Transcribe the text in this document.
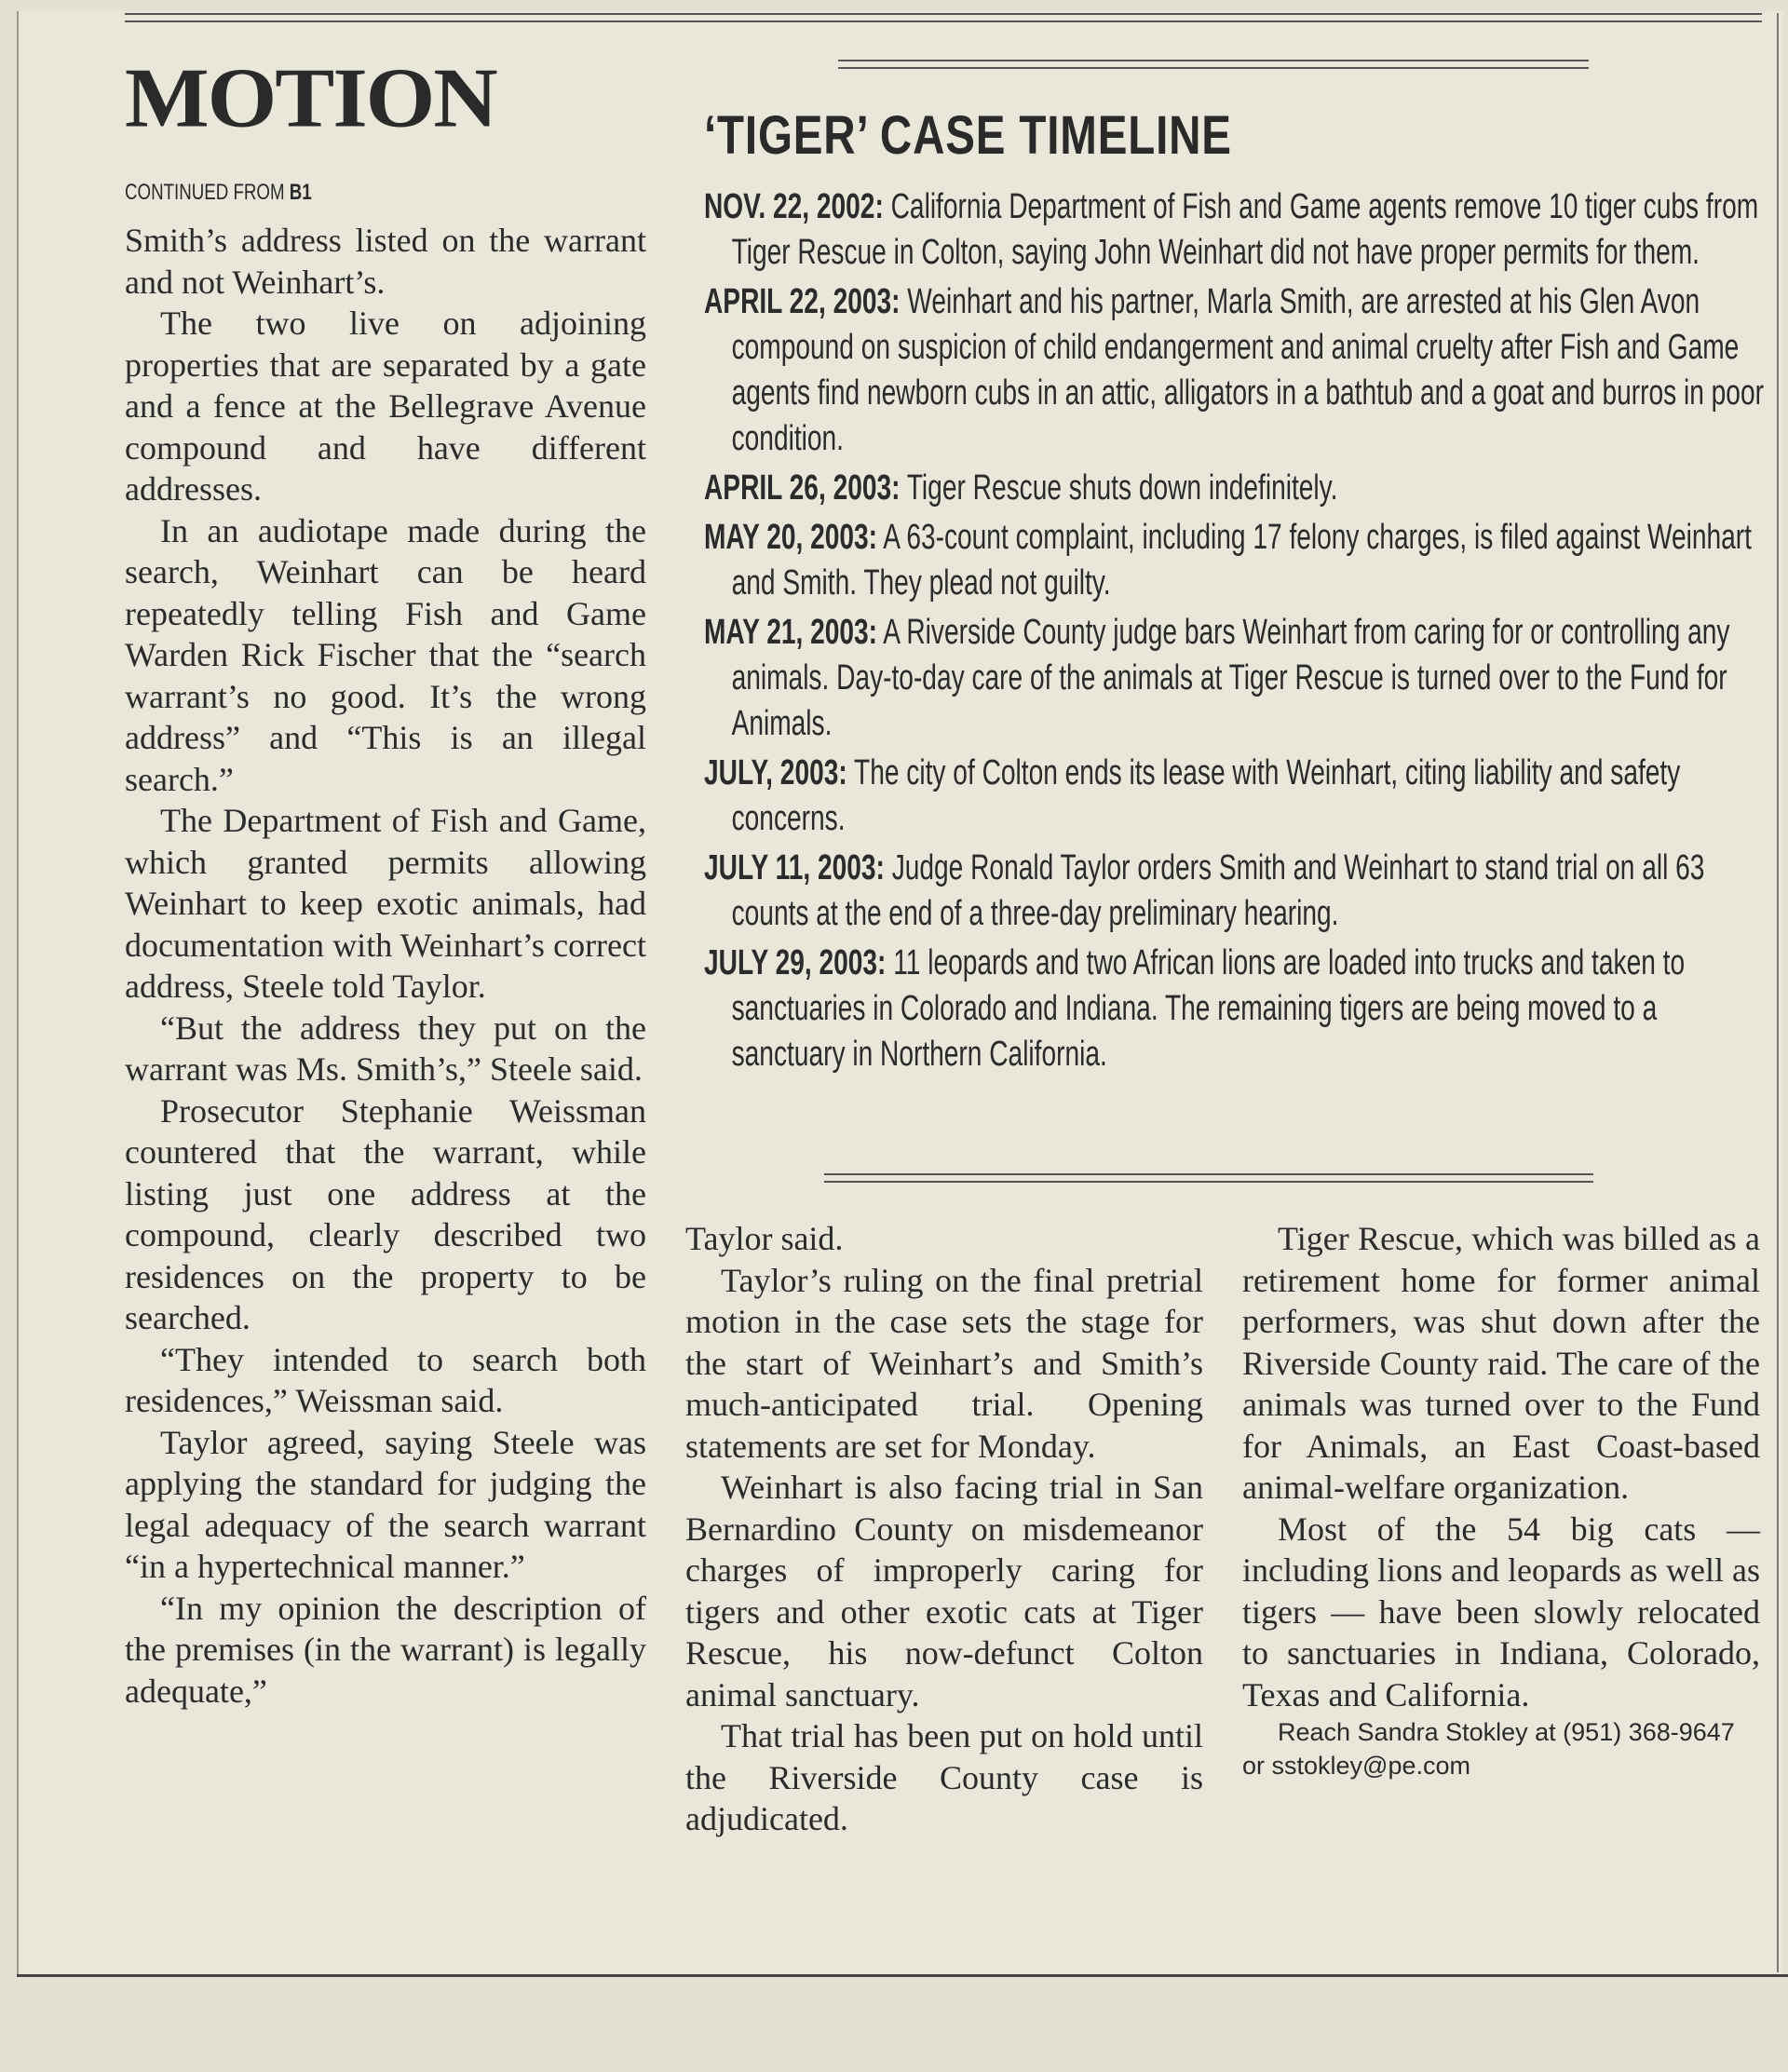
MOTION
CONTINUED FROM B1

Smith’s address listed on the warrant and not Weinhart’s.

The two live on adjoining properties that are separated by a gate and a fence at the Bellegrave Avenue compound and have different addresses.

In an audiotape made during the search, Weinhart can be heard repeatedly telling Fish and Game Warden Rick Fischer that the “search warrant’s no good. It’s the wrong address” and “This is an illegal search.”

The Department of Fish and Game, which granted permits allowing Weinhart to keep exotic animals, had documentation with Weinhart’s correct address, Steele told Taylor.

“But the address they put on the warrant was Ms. Smith’s,” Steele said.

Prosecutor Stephanie Weissman countered that the warrant, while listing just one address at the compound, clearly described two residences on the property to be searched.

“They intended to search both residences,” Weissman said.

Taylor agreed, saying Steele was applying the standard for judging the legal adequacy of the search warrant “in a hypertechnical manner.”

“In my opinion the description of the premises (in the warrant) is legally adequate,”

‘TIGER’ CASE TIMELINE

NOV. 22, 2002: California Department of Fish and Game agents remove 10 tiger cubs from Tiger Rescue in Colton, saying John Weinhart did not have proper permits for them.

APRIL 22, 2003: Weinhart and his partner, Marla Smith, are arrested at his Glen Avon compound on suspicion of child endangerment and animal cruelty after Fish and Game agents find newborn cubs in an attic, alligators in a bathtub and a goat and burros in poor condition.

APRIL 26, 2003: Tiger Rescue shuts down indefinitely.

MAY 20, 2003: A 63-count complaint, including 17 felony charges, is filed against Weinhart and Smith. They plead not guilty.

MAY 21, 2003: A Riverside County judge bars Weinhart from caring for or controlling any animals. Day-to-day care of the animals at Tiger Rescue is turned over to the Fund for Animals.

JULY, 2003: The city of Colton ends its lease with Weinhart, citing liability and safety concerns.

JULY 11, 2003: Judge Ronald Taylor orders Smith and Weinhart to stand trial on all 63 counts at the end of a three-day preliminary hearing.

JULY 29, 2003: 11 leopards and two African lions are loaded into trucks and taken to sanctuaries in Colorado and Indiana. The remaining tigers are being moved to a sanctuary in Northern California.

Taylor said.

Taylor’s ruling on the final pretrial motion in the case sets the stage for the start of Weinhart’s and Smith’s much-anticipated trial. Opening statements are set for Monday.

Weinhart is also facing trial in San Bernardino County on misdemeanor charges of improperly caring for tigers and other exotic cats at Tiger Rescue, his now-defunct Colton animal sanctuary.

That trial has been put on hold until the Riverside County case is adjudicated.

Tiger Rescue, which was billed as a retirement home for former animal performers, was shut down after the Riverside County raid. The care of the animals was turned over to the Fund for Animals, an East Coast-based animal-welfare organization.

Most of the 54 big cats — including lions and leopards as well as tigers — have been slowly relocated to sanctuaries in Indiana, Colorado, Texas and California.

Reach Sandra Stokley at (951) 368-9647
or sstokley@pe.com
